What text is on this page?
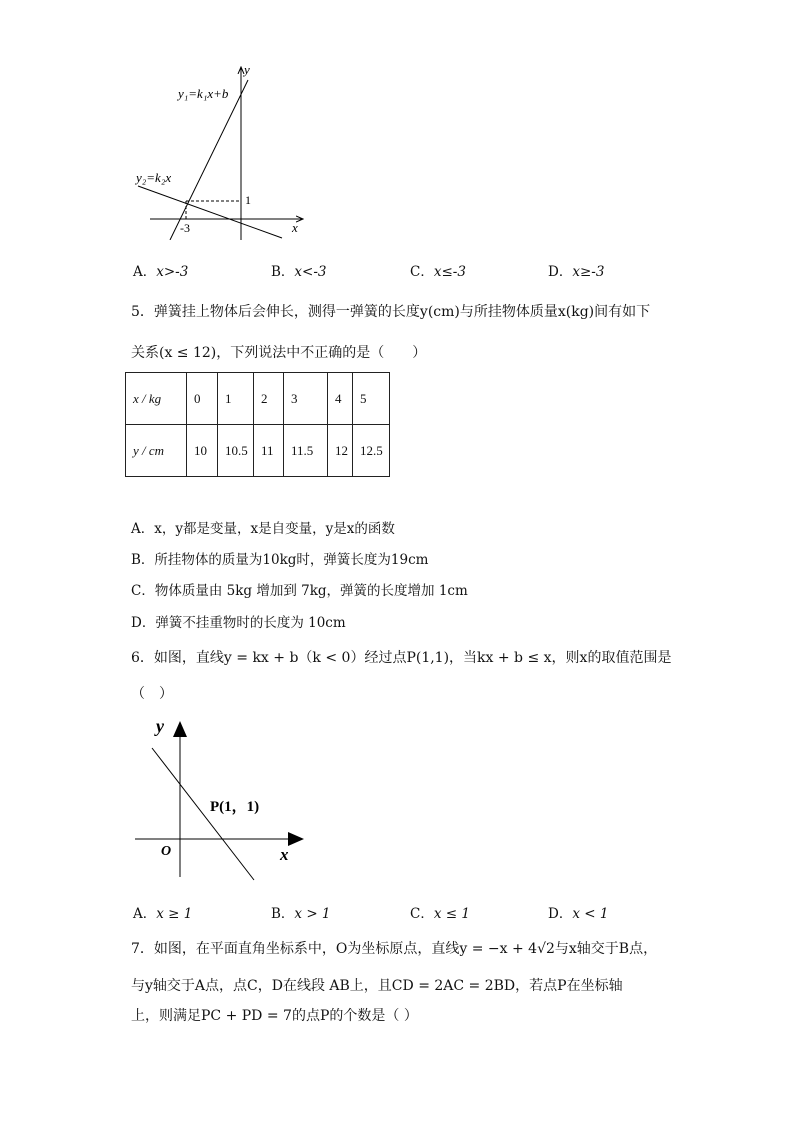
y
x
y₁=k₁x+b
y₂=k₂x
-3
1
A．x>-3	B．x<-3	C．x≤-3	D．x≥-3
5．弹簧挂上物体后会伸长，测得一弹簧的长度y(cm)与所挂物体质量x(kg)间有如下
关系(x ≤ 12)，下列说法中不正确的是（　　）
x / kg	0	1	2	3	4	5
y / cm	10	10.5	11	11.5	12	12.5
A．x，y都是变量，x是自变量，y是x的函数
B．所挂物体的质量为10kg时，弹簧长度为19cm
C．物体质量由 5kg 增加到 7kg，弹簧的长度增加 1cm
D．弹簧不挂重物时的长度为 10cm
6．如图，直线y = kx + b（k < 0）经过点P(1,1)，当kx + b ≤ x，则x的取值范围是
（　）
y
x
O
P(1，1)
A．x ≥ 1	B．x > 1	C．x ≤ 1	D．x < 1
7．如图，在平面直角坐标系中，O为坐标原点，直线y = −x + 4√2与x轴交于B点，
与y轴交于A点，点C，D在线段 AB上，且CD = 2AC = 2BD，若点P在坐标轴
上，则满足PC + PD = 7的点P的个数是（ ）
